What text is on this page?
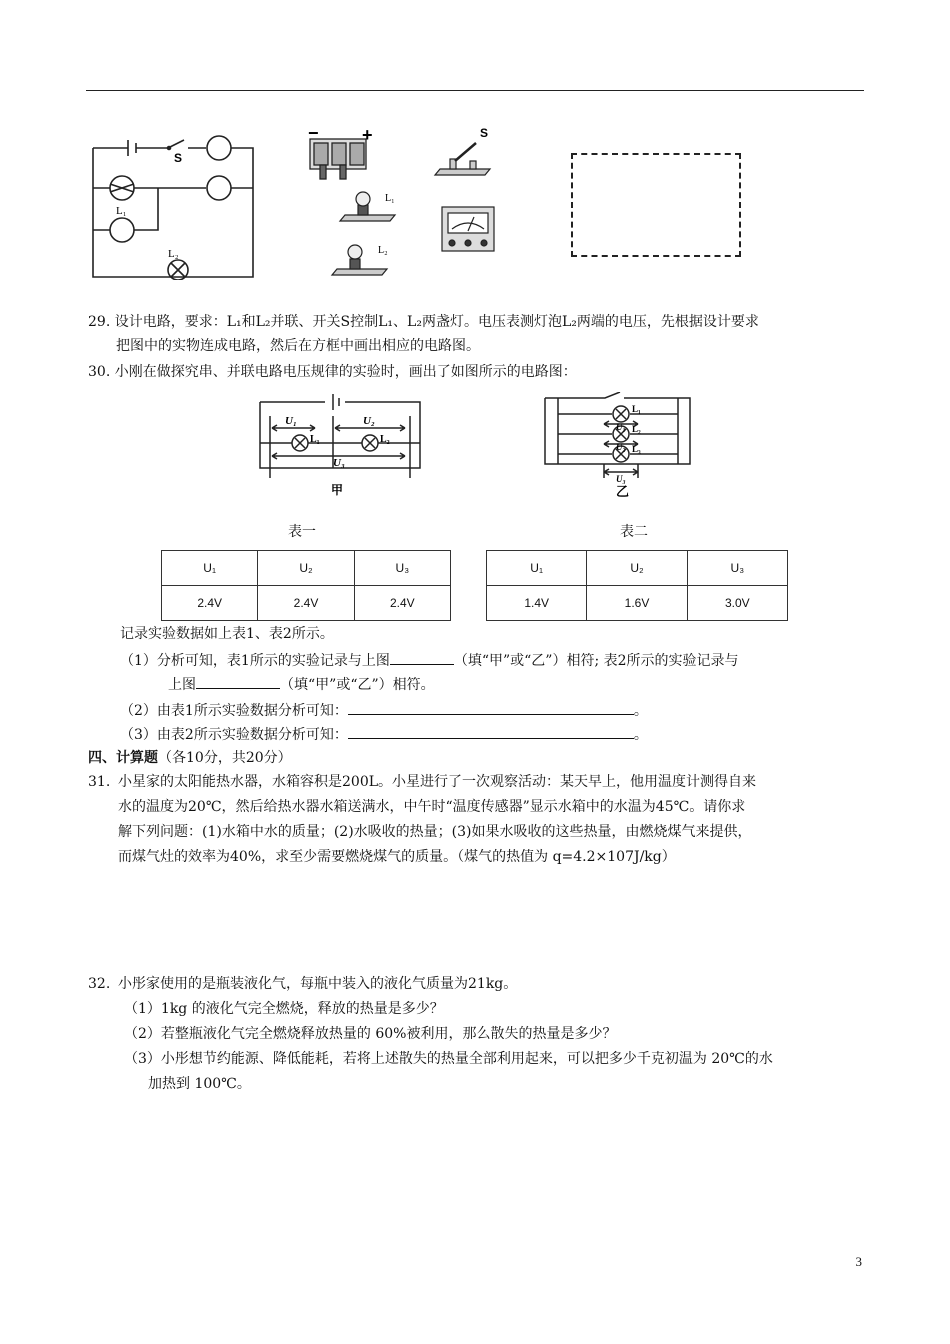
S
L₁
L₂
− +	S
L₁
L₂
29. 设计电路，要求：L₁和L₂并联、开关S控制L₁、L₂两盏灯。电压表测灯泡L₂两端的电压，先根据设计要求
把图中的实物连成电路，然后在方框中画出相应的电路图。
30. 小刚在做探究串、并联电路电压规律的实验时，画出了如图所示的电路图：
U₁	U₂
U₃
L₁	L₂
甲
L₁
U₁ L₂
U₂ L₃
U₃
乙
表一	表二
U₁	U₂	U₃
2.4V	2.4V	2.4V
U₁	U₂	U₃
1.4V	1.6V	3.0V
记录实验数据如上表1、表2所示。
（1）分析可知，表1所示的实验记录与上图	（填“甲”或“乙”）相符; 表2所示的实验记录与
上图	（填“甲”或“乙”）相符。
（2）由表1所示实验数据分析可知：	。
（3）由表2所示实验数据分析可知：	。
四、计算题（各10分，共20分）
31. 小星家的太阳能热水器，水箱容积是200L。小星进行了一次观察活动：某天早上，他用温度计测得自来
水的温度为20℃，然后给热水器水箱送满水，中午时“温度传感器”显示水箱中的水温为45℃。请你求
解下列问题：(1)水箱中水的质量；(2)水吸收的热量；(3)如果水吸收的这些热量，由燃烧煤气来提供，
而煤气灶的效率为40%，求至少需要燃烧煤气的质量。（煤气的热值为 q=4.2×107J/kg）
32. 小彤家使用的是瓶装液化气，每瓶中装入的液化气质量为21kg。
（1）1kg 的液化气完全燃烧，释放的热量是多少？
（2）若整瓶液化气完全燃烧释放热量的 60%被利用，那么散失的热量是多少？
（3）小彤想节约能源、降低能耗，若将上述散失的热量全部利用起来，可以把多少千克初温为 20℃的水
加热到 100℃。
3
